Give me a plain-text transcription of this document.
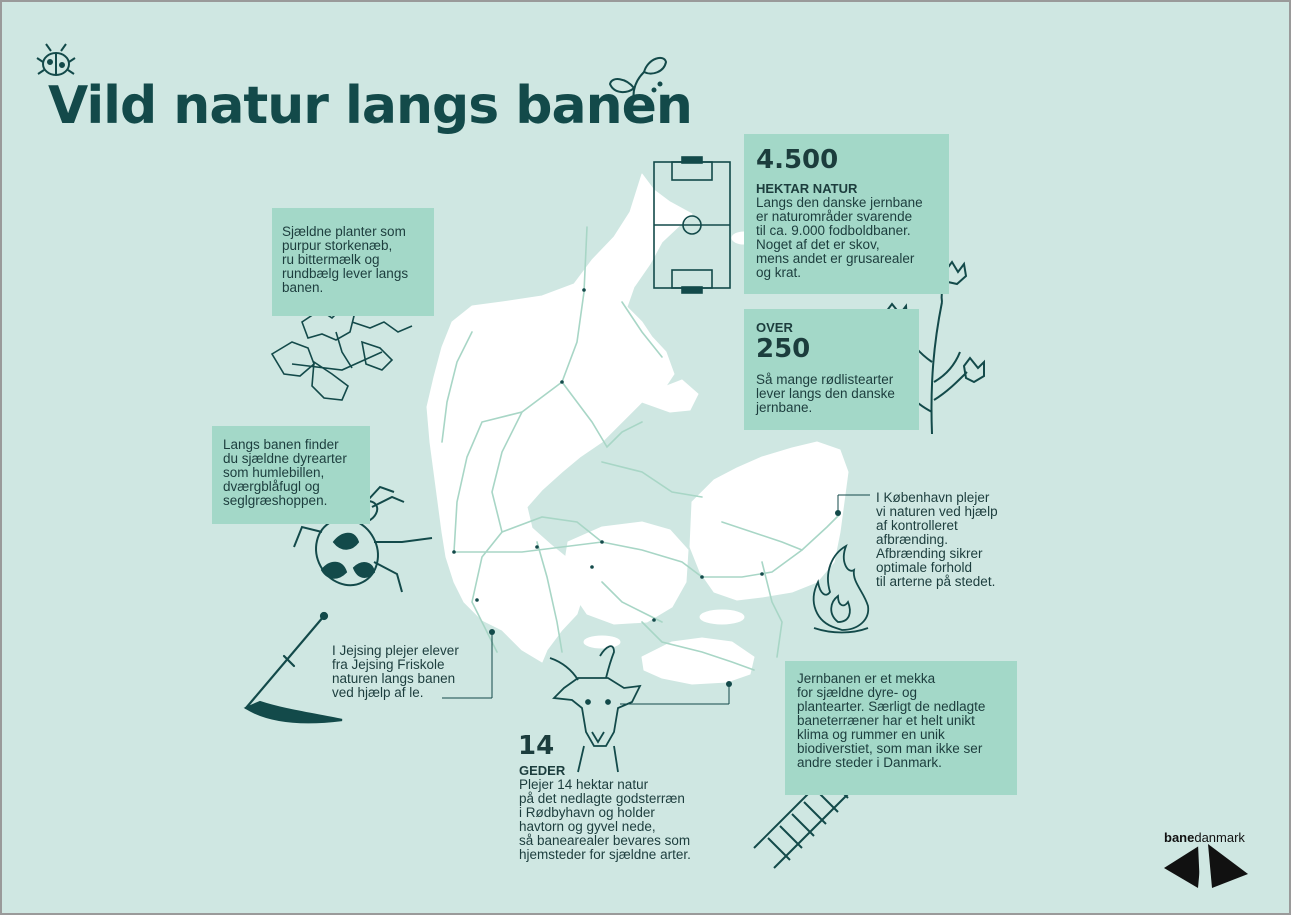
Vild natur langs banen
4.500
HEKTAR NATUR
Langs den danske jernbane
er naturområder svarende
til ca. 9.000 fodboldbaner.
Noget af det er skov,
mens andet er grusarealer
og krat.
OVER
250
Så mange rødlistearter
lever langs den danske
jernbane.
Sjældne planter som
purpur storkenæb,
ru bittermælk og
rundbælg lever langs
banen.
Langs banen finder
du sjældne dyrearter
som humlebillen,
dværgblåfugl og
seglgræshoppen.	I København plejer
vi naturen ved hjælp
af kontrolleret
afbrænding.
Afbrænding sikrer
optimale forhold
til arterne på stedet.
I Jejsing plejer elever
fra Jejsing Friskole
naturen langs banen
ved hjælp af le.
14
GEDER
Plejer 14 hektar natur
på det nedlagte godsterræn
i Rødbyhavn og holder
havtorn og gyvel nede,
så banearealer bevares som
hjemsteder for sjældne arter.
Jernbanen er et mekka
for sjældne dyre- og
plantearter. Særligt de nedlagte
baneterræner har et helt unikt
klima og rummer en unik
biodiverstiet, som man ikke ser
andre steder i Danmark.
banedanmark
